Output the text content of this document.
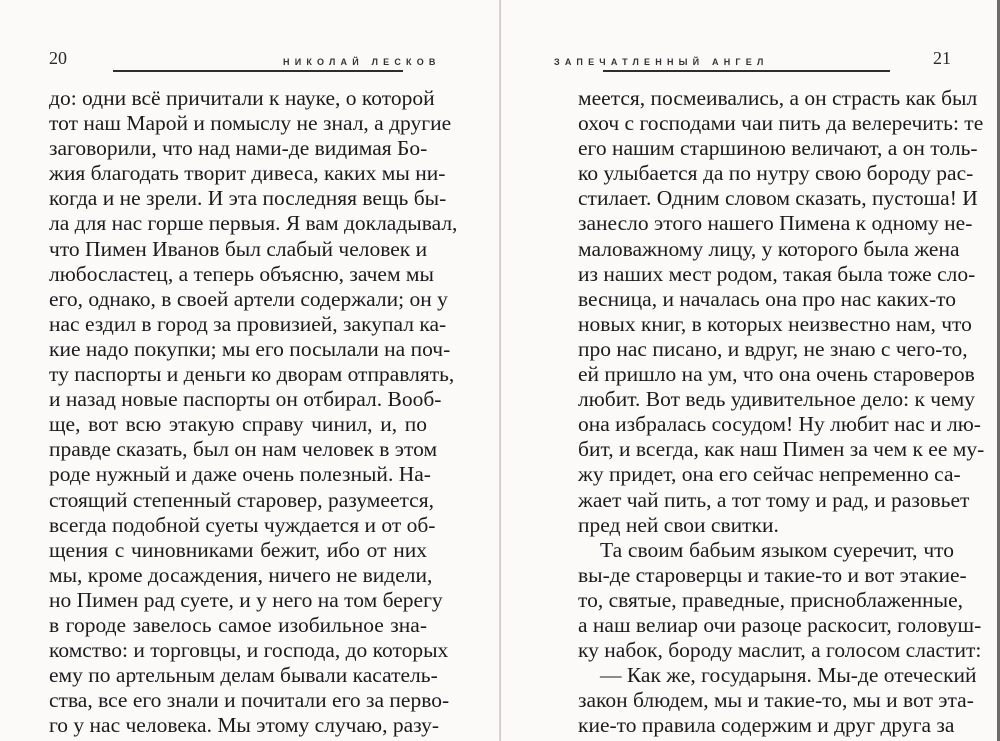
20	НИКОЛАЙ ЛЕСКОВ
до: одни всё причитали к науке, о которой
тот наш Марой и помыслу не знал, а другие
заговорили, что над нами-де видимая Бо-
жия благодать творит дивеса, каких мы ни-
когда и не зрели. И эта последняя вещь бы-
ла для нас горше первыя. Я вам докладывал,
что Пимен Иванов был слабый человек и
любосластец, а теперь объясню, зачем мы
его, однако, в своей артели содержали; он у
нас ездил в город за провизией, закупал ка-
кие надо покупки; мы его посылали на поч-
ту паспорты и деньги ко дворам отправлять,
и назад новые паспорты он отбирал. Вооб-
ще, вот всю этакую справу чинил, и, по
правде сказать, был он нам человек в этом
роде нужный и даже очень полезный. На-
стоящий степенный старовер, разумеется,
всегда подобной суеты чуждается и от об-
щения с чиновниками бежит, ибо от них
мы, кроме досаждения, ничего не видели,
но Пимен рад суете, и у него на том берегу
в городе завелось самое изобильное зна-
комство: и торговцы, и господа, до которых
ему по артельным делам бывали касатель-
ства, все его знали и почитали его за перво-
го у нас человека. Мы этому случаю, разу-
ЗАПЕЧАТЛЕННЫЙ АНГЕЛ	21
меется, посмеивались, а он страсть как был
охоч с господами чаи пить да велеречить: те
его нашим старшиною величают, а он толь-
ко улыбается да по нутру свою бороду рас-
стилает. Одним словом сказать, пустоша! И
занесло этого нашего Пимена к одному не-
маловажному лицу, у которого была жена
из наших мест родом, такая была тоже сло-
весница, и началась она про нас каких-то
новых книг, в которых неизвестно нам, что
про нас писано, и вдруг, не знаю с чего-то,
ей пришло на ум, что она очень староверов
любит. Вот ведь удивительное дело: к чему
она избралась сосудом! Ну любит нас и лю-
бит, и всегда, как наш Пимен за чем к ее му-
жу придет, она его сейчас непременно са-
жает чай пить, а тот тому и рад, и разовьет
пред ней свои свитки.
Та своим бабьим языком суеречит, что
вы-де староверцы и такие-то и вот этакие-
то, святые, праведные, присноблаженные,
а наш велиар очи разоце раскосит, головуш-
ку набок, бороду маслит, а голосом сластит:
— Как же, государыня. Мы-де отеческий
закон блюдем, мы и такие-то, мы и вот эта-
кие-то правила содержим и друг друга за
